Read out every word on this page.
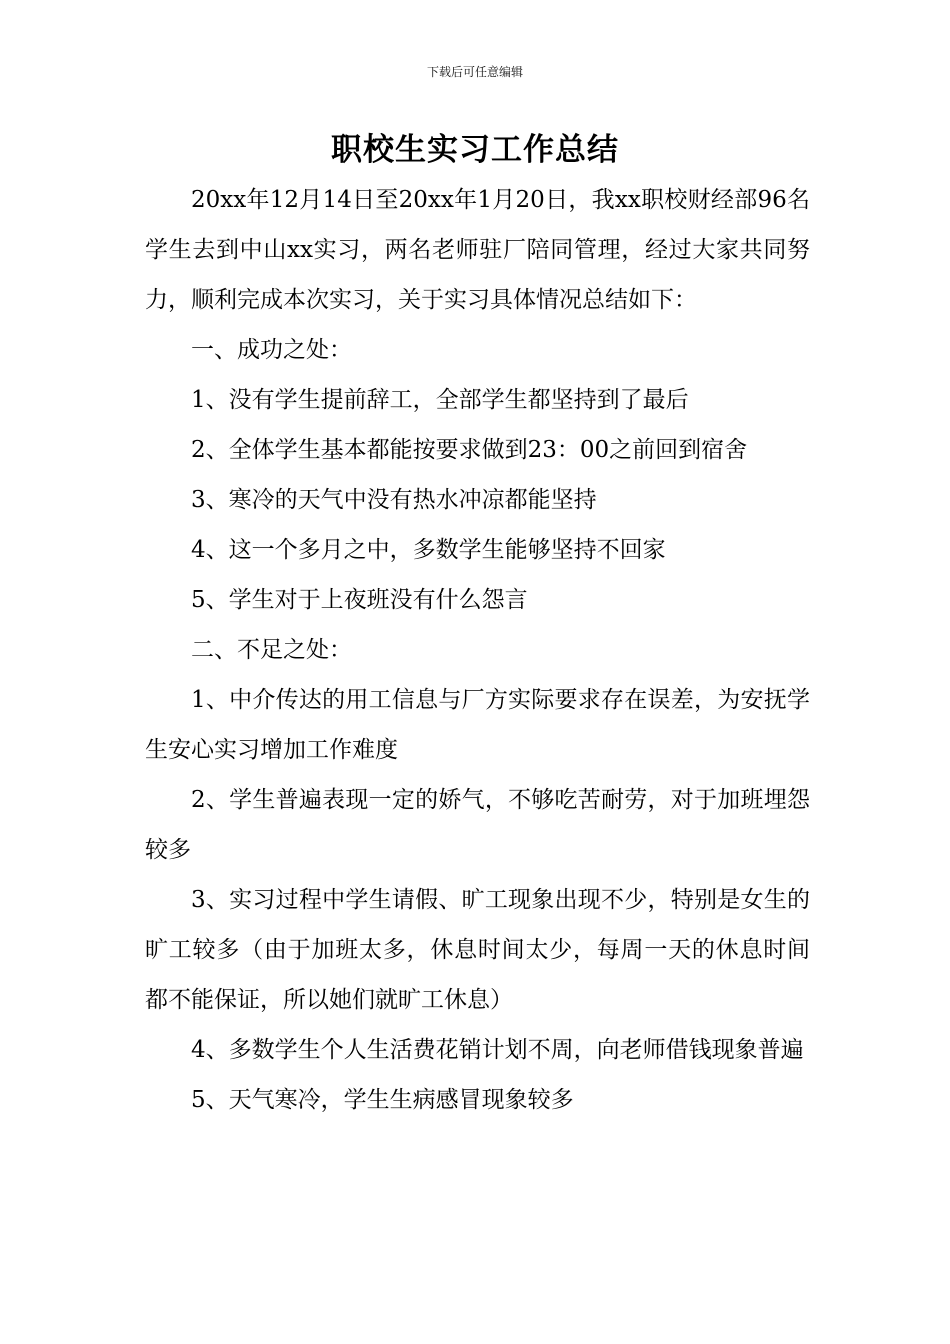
下载后可任意编辑
职校生实习工作总结

20xx年12月14日至20xx年1月20日，我xx职校财经部96名学生去到中山xx实习，两名老师驻厂陪同管理，经过大家共同努力，顺利完成本次实习，关于实习具体情况总结如下：

一、成功之处：

1、没有学生提前辞工，全部学生都坚持到了最后

2、全体学生基本都能按要求做到23：00之前回到宿舍

3、寒冷的天气中没有热水冲凉都能坚持

4、这一个多月之中，多数学生能够坚持不回家

5、学生对于上夜班没有什么怨言

二、不足之处：

1、中介传达的用工信息与厂方实际要求存在误差，为安抚学生安心实习增加工作难度

2、学生普遍表现一定的娇气，不够吃苦耐劳，对于加班埋怨较多

3、实习过程中学生请假、旷工现象出现不少，特别是女生的旷工较多（由于加班太多，休息时间太少，每周一天的休息时间都不能保证，所以她们就旷工休息）

4、多数学生个人生活费花销计划不周，向老师借钱现象普遍

5、天气寒冷，学生生病感冒现象较多
